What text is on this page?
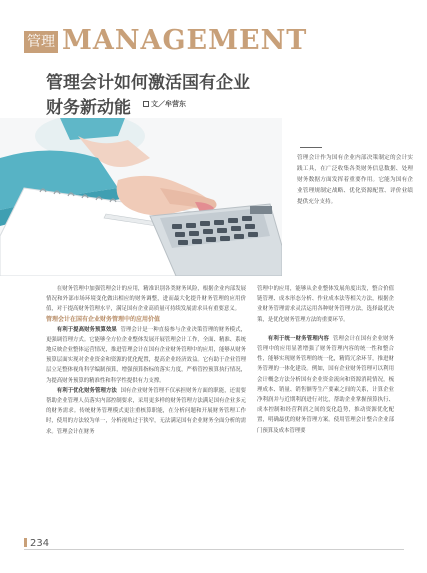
管理 MANAGEMENT
管理会计如何激活国有企业
财务新动能	文／牟营东
管理会计作为国有企业内部决策制定的会计实践工具，在广泛收集各类财务信息数据、处理财务数据方面发挥着重要作用。它能为国有企业管理规制定战略、优化资源配置、评价业绩提供充分支持。

在财务管理中加强管理会计的应用，精准识别各类财务风险，根据企业内部发展情况和外部市场环境变化做出相应的财务调整，进而最大化提升财务管理的应用价值，对于提高财务管理水平，满足国有企业高质量可持续发展需求具有重要意义。

管理会计在国有企业财务管理中的应用价值

有利于提高财务预算效果 管理会计是一种直接参与企业决策管理的财务模式，更强调管理方式。它能够全方位企业整体发展开展管理会计工作，全面、精准、系统地反映企业整体运营情况，推进管理会计在国有企业财务管理中的应用，能够从财务预算层面实现对企业资金和资源的优化配置，提高企业经济效益。它有助于企业管理层立足整体视角科学编制预算，增强预算指标的落实力度，严格管控预算执行情况，为提高财务预算的精准性和科学性提供有力支撑。

有利于优化财务管理方法 国有企业财务管理不仅承担财务方面的职能，还需要帮助企业管理人员落实内部控制要求，采用更多样的财务管理方法满足国有企业多元的财务需求。传统财务管理模式更注重核算职能，在分析问题和开展财务管理工作时，使用的方法较为单一，分析视角过于狭窄，无法满足国有企业财务全面分析的需求。管理会计在财务

管理中的应用，能够从企业整体发展角度出发，整合价值链管理、成本形态分析、作业成本法等相关方法，根据企业财务管理需求灵活运用各种财务管理方法，选择最优决策，是优化财务管理方法的重要环节。

有利于统一财务管理内容 管理会计在国有企业财务管理中的应用显著增强了财务管理内容的统一性和整合性，能够实现财务管理的统一化，精简冗余环节，推进财务管理的一体化建设。例如，国有企业财务管理可以利用会计概念方法分析国有企业资金流向和资源消耗情况，梳理成本、销量、销售额等生产要素之间的关系，计算企业净利润并与近期利润进行对比，帮助企业掌握预算执行、成本控制和经营利润之间的变化趋势，推动资源优化配置，明确最优的财务管理方案。使用管理会计整合企业部门预算及成本管理要

234
